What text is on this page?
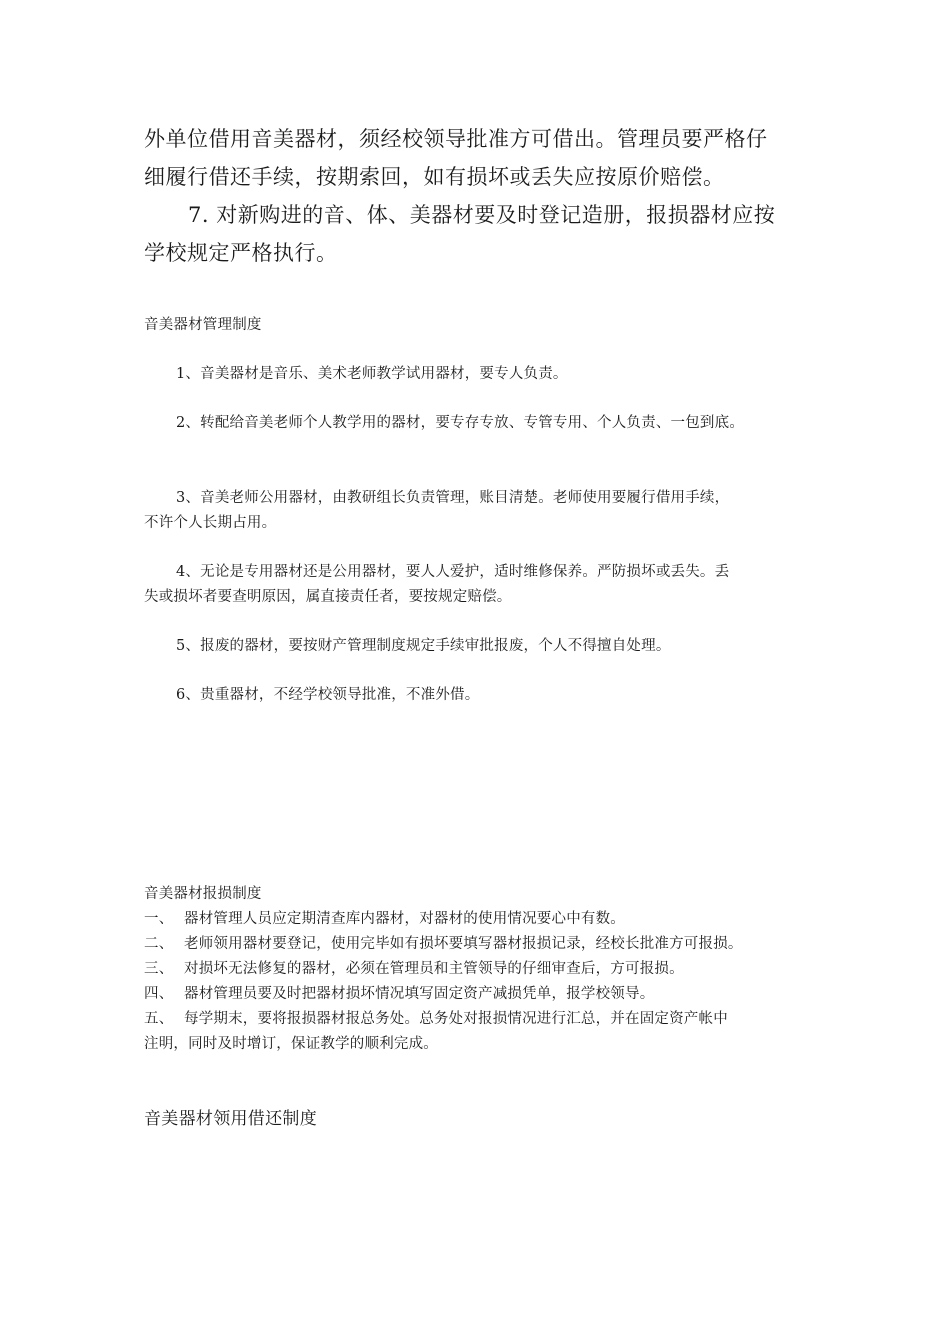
外单位借用音美器材，须经校领导批准方可借出。管理员要严格仔

细履行借还手续，按期索回，如有损坏或丢失应按原价赔偿。

7. 对新购进的音、体、美器材要及时登记造册，报损器材应按

学校规定严格执行。

音美器材管理制度

1、音美器材是音乐、美术老师教学试用器材，要专人负责。

2、转配给音美老师个人教学用的器材，要专存专放、专管专用、个人负责、一包到底。

3、音美老师公用器材，由教研组长负责管理，账目清楚。老师使用要履行借用手续，

不许个人长期占用。

4、无论是专用器材还是公用器材，要人人爱护，适时维修保养。严防损坏或丢失。丢

失或损坏者要查明原因，属直接责任者，要按规定赔偿。

5、报废的器材，要按财产管理制度规定手续审批报废，个人不得擅自处理。

6、贵重器材，不经学校领导批准，不准外借。

音美器材报损制度

一、 器材管理人员应定期清查库内器材，对器材的使用情况要心中有数。
二、 老师领用器材要登记，使用完毕如有损坏要填写器材报损记录，经校长批准方可报损。
三、 对损坏无法修复的器材，必须在管理员和主管领导的仔细审查后，方可报损。
四、 器材管理员要及时把器材损坏情况填写固定资产减损凭单，报学校领导。
五、 每学期末，要将报损器材报总务处。总务处对报损情况进行汇总，并在固定资产帐中

注明，同时及时增订，保证教学的顺利完成。

音美器材领用借还制度
